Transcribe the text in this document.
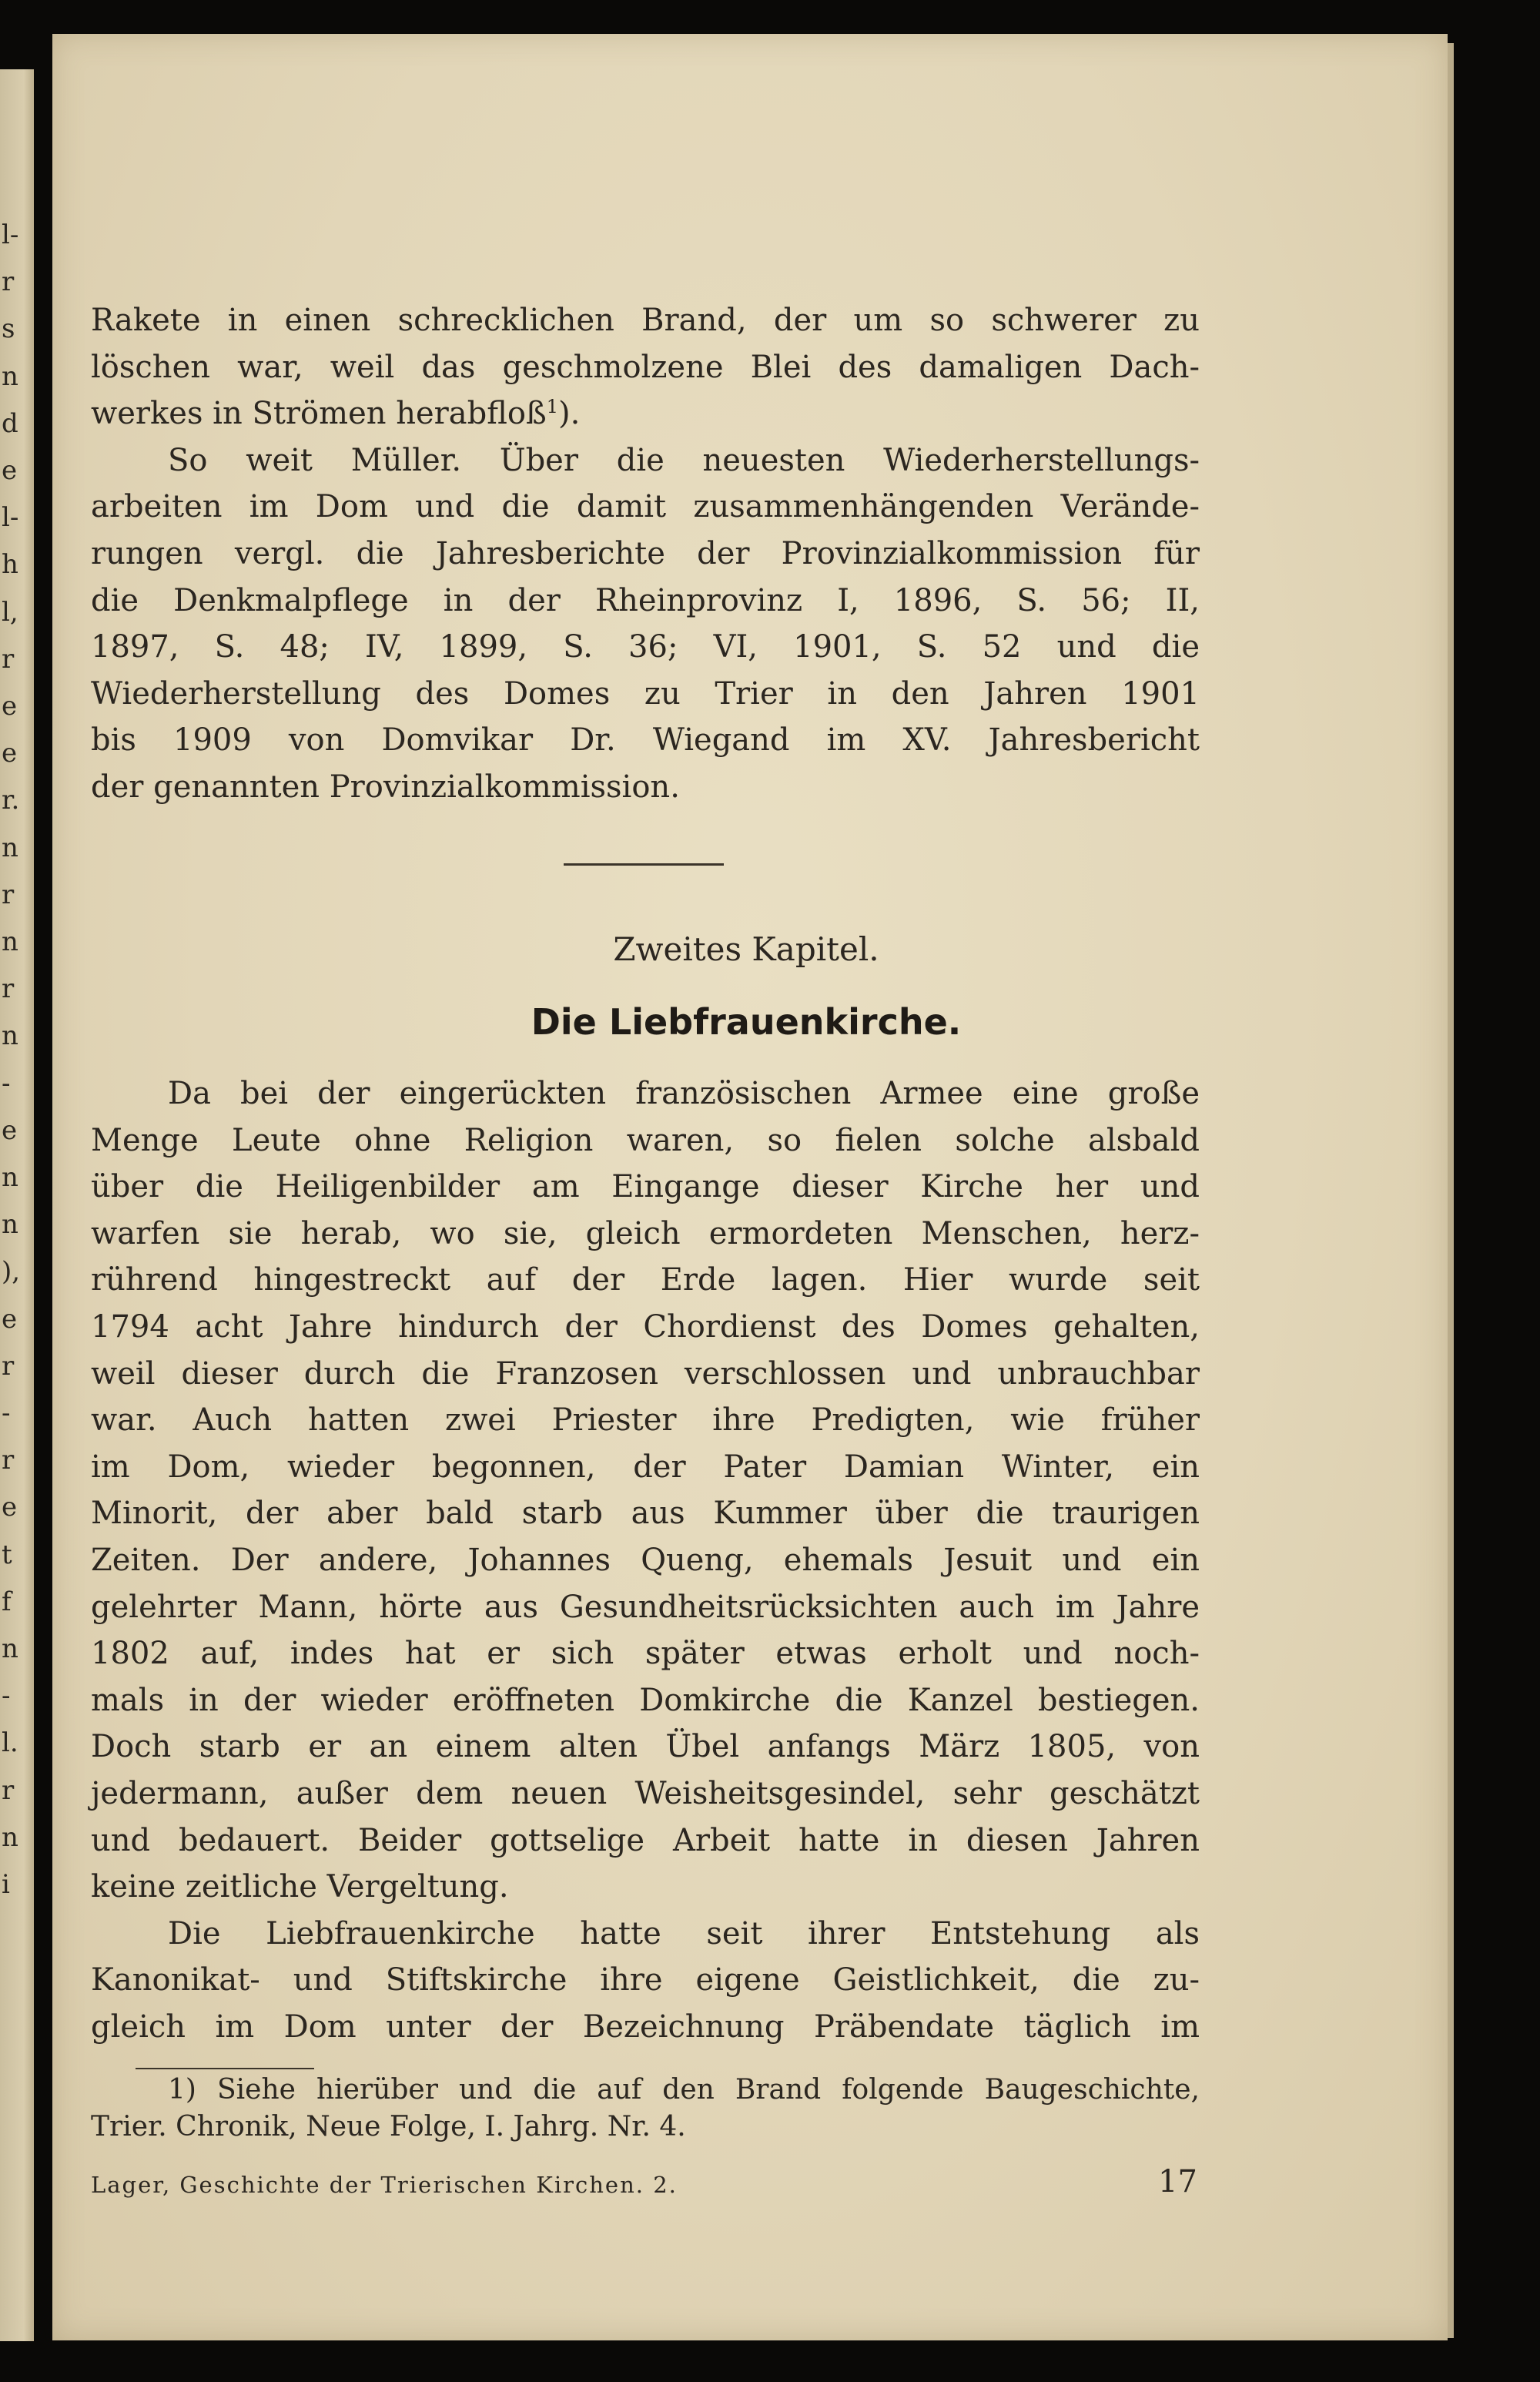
l-
r
s
n
d
e
l-
h
l,
r
e
e
r.
n
r
n
r
n
-
e
n
n
),
e
r
-
r
e
t
f
n
-
l.
r
n
i
Rakete in einen schrecklichen Brand, der um so schwerer zu
löschen war, weil das geschmolzene Blei des damaligen Dach-
werkes in Strömen herabfloß$^1$).
So weit Müller. Über die neuesten Wiederherstellungs-
arbeiten im Dom und die damit zusammenhängenden Verände-
rungen vergl. die Jahresberichte der Provinzialkommission für
die Denkmalpflege in der Rheinprovinz I, 1896, S. 56; II,
1897, S. 48; IV, 1899, S. 36; VI, 1901, S. 52 und die
Wiederherstellung des Domes zu Trier in den Jahren 1901
bis 1909 von Domvikar Dr. Wiegand im XV. Jahresbericht
der genannten Provinzialkommission.
Zweites Kapitel.
Die Liebfrauenkirche.
Da bei der eingerückten französischen Armee eine große
Menge Leute ohne Religion waren, so fielen solche alsbald
über die Heiligenbilder am Eingange dieser Kirche her und
warfen sie herab, wo sie, gleich ermordeten Menschen, herz-
rührend hingestreckt auf der Erde lagen. Hier wurde seit
1794 acht Jahre hindurch der Chordienst des Domes gehalten,
weil dieser durch die Franzosen verschlossen und unbrauchbar
war. Auch hatten zwei Priester ihre Predigten, wie früher
im Dom, wieder begonnen, der Pater Damian Winter, ein
Minorit, der aber bald starb aus Kummer über die traurigen
Zeiten. Der andere, Johannes Queng, ehemals Jesuit und ein
gelehrter Mann, hörte aus Gesundheitsrücksichten auch im Jahre
1802 auf, indes hat er sich später etwas erholt und noch-
mals in der wieder eröffneten Domkirche die Kanzel bestiegen.
Doch starb er an einem alten Übel anfangs März 1805, von
jedermann, außer dem neuen Weisheitsgesindel, sehr geschätzt
und bedauert. Beider gottselige Arbeit hatte in diesen Jahren
keine zeitliche Vergeltung.
Die Liebfrauenkirche hatte seit ihrer Entstehung als
Kanonikat- und Stiftskirche ihre eigene Geistlichkeit, die zu-
gleich im Dom unter der Bezeichnung Präbendate täglich im
1) Siehe hierüber und die auf den Brand folgende Baugeschichte,
Trier. Chronik, Neue Folge, I. Jahrg. Nr. 4.
Lager, Geschichte der Trierischen Kirchen. 2.	17
